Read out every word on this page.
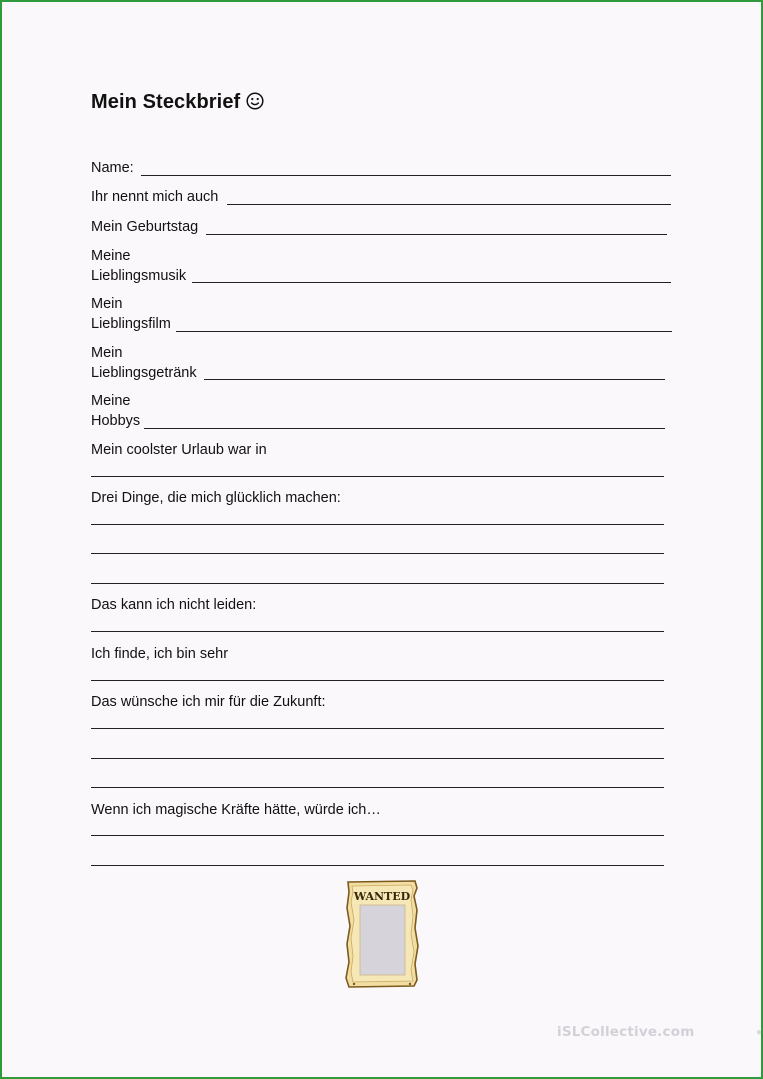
Mein Steckbrief
Name:
Ihr nennt mich auch
Mein Geburtstag
Meine
Lieblingsmusik
Mein
Lieblingsfilm
Mein
Lieblingsgetränk
Meine
Hobbys
Mein coolster Urlaub war in
Drei Dinge, die mich glücklich machen:
Das kann ich nicht leiden:
Ich finde, ich bin sehr
Das wünsche ich mir für die Zukunft:
Wenn ich magische Kräfte hätte, würde ich…
WANTED
iSLCollective.com	●
